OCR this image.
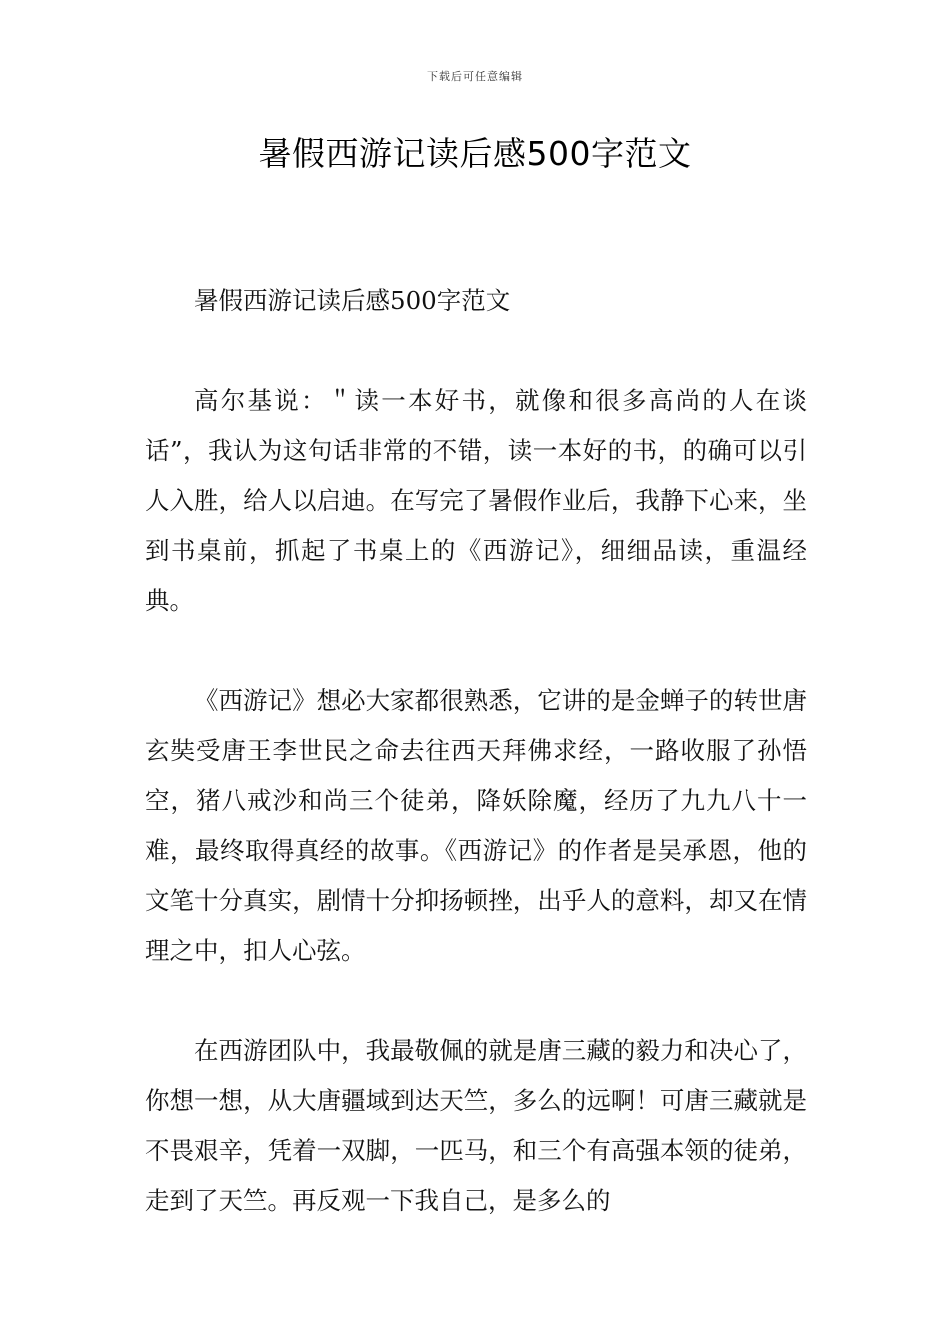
下载后可任意编辑
暑假西游记读后感500字范文

暑假西游记读后感500字范文

高尔基说：＂读一本好书，就像和很多高尚的人在谈话”，我认为这句话非常的不错，读一本好的书，的确可以引人入胜，给人以启迪。在写完了暑假作业后，我静下心来，坐到书桌前，抓起了书桌上的《西游记》，细细品读，重温经典。

《西游记》想必大家都很熟悉，它讲的是金蝉子的转世唐玄奘受唐王李世民之命去往西天拜佛求经，一路收服了孙悟空，猪八戒沙和尚三个徒弟，降妖除魔，经历了九九八十一难，最终取得真经的故事。《西游记》的作者是吴承恩，他的文笔十分真实，剧情十分抑扬顿挫，出乎人的意料，却又在情理之中，扣人心弦。

在西游团队中，我最敬佩的就是唐三藏的毅力和决心了，你想一想，从大唐疆域到达天竺，多么的远啊！可唐三藏就是不畏艰辛，凭着一双脚，一匹马，和三个有高强本领的徒弟，走到了天竺。再反观一下我自己，是多么的
